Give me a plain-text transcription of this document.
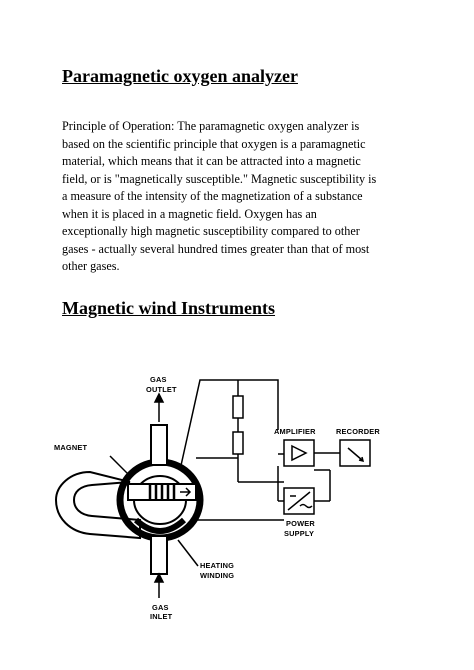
Paramagnetic oxygen analyzer
Principle of Operation: The paramagnetic oxygen analyzer is based on the scientific principle that oxygen is a paramagnetic material, which means that it can be attracted into a magnetic field, or is "magnetically susceptible." Magnetic susceptibility is a measure of the intensity of the magnetization of a substance when it is placed in a magnetic field. Oxygen has an exceptionally high magnetic susceptibility compared to other gases - actually several hundred times greater than that of most other gases.
Magnetic wind Instruments
GAS
OUTLET
MAGNET
AMPLIFIER	RECORDER
POWER
SUPPLY
HEATING
WINDING
GAS
INLET
